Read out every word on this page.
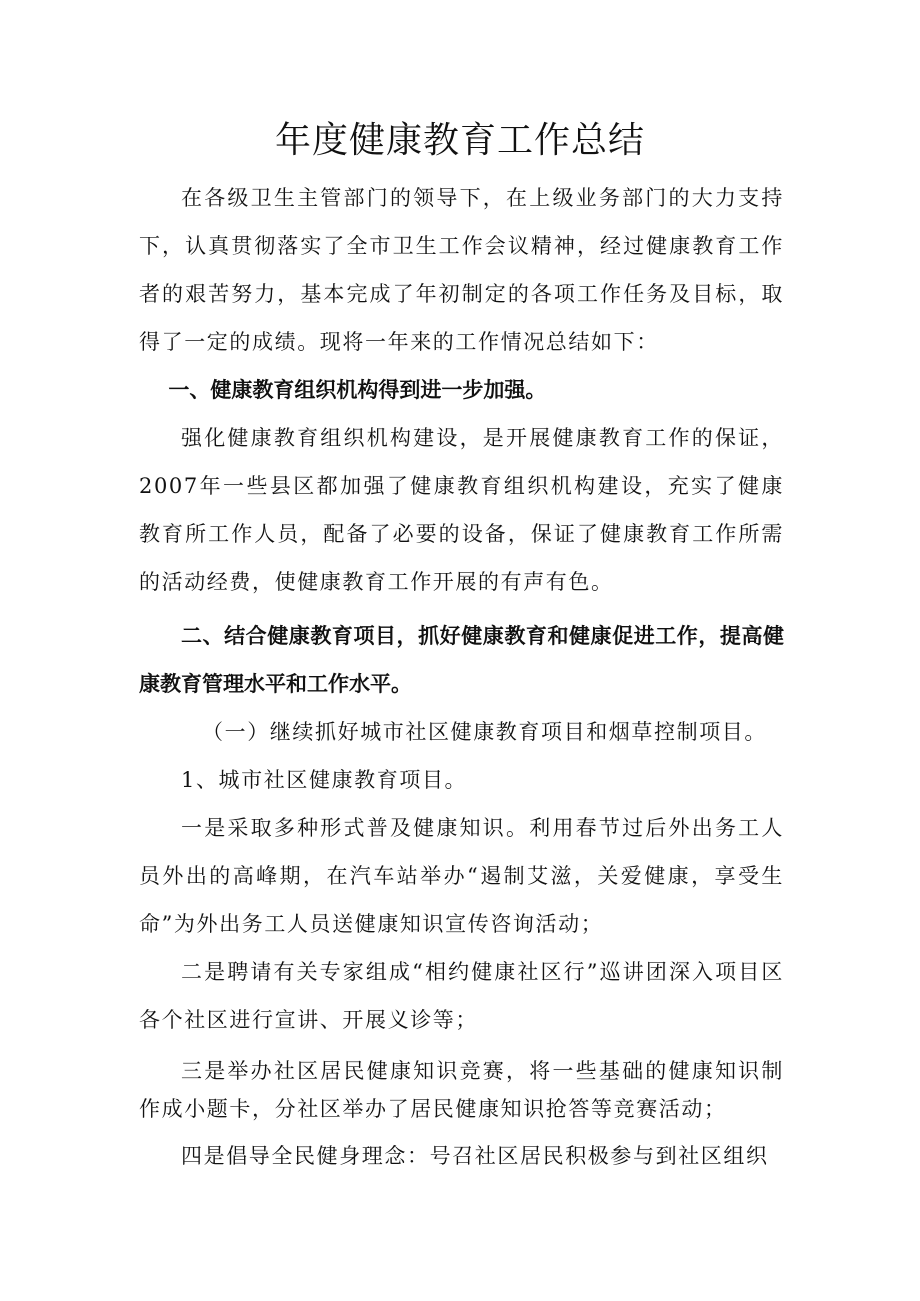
年度健康教育工作总结

在各级卫生主管部门的领导下，在上级业务部门的大力支持下，认真贯彻落实了全市卫生工作会议精神，经过健康教育工作者的艰苦努力，基本完成了年初制定的各项工作任务及目标，取得了一定的成绩。现将一年来的工作情况总结如下：

一、健康教育组织机构得到进一步加强。

强化健康教育组织机构建设，是开展健康教育工作的保证，2007年一些县区都加强了健康教育组织机构建设，充实了健康教育所工作人员，配备了必要的设备，保证了健康教育工作所需的活动经费，使健康教育工作开展的有声有色。

二、结合健康教育项目，抓好健康教育和健康促进工作，提高健康教育管理水平和工作水平。

（一）继续抓好城市社区健康教育项目和烟草控制项目。

1、城市社区健康教育项目。

一是采取多种形式普及健康知识。利用春节过后外出务工人员外出的高峰期，在汽车站举办“遏制艾滋，关爱健康，享受生命”为外出务工人员送健康知识宣传咨询活动；

二是聘请有关专家组成“相约健康社区行”巡讲团深入项目区各个社区进行宣讲、开展义诊等；

三是举办社区居民健康知识竞赛，将一些基础的健康知识制作成小题卡，分社区举办了居民健康知识抢答等竞赛活动；

四是倡导全民健身理念：号召社区居民积极参与到社区组织
